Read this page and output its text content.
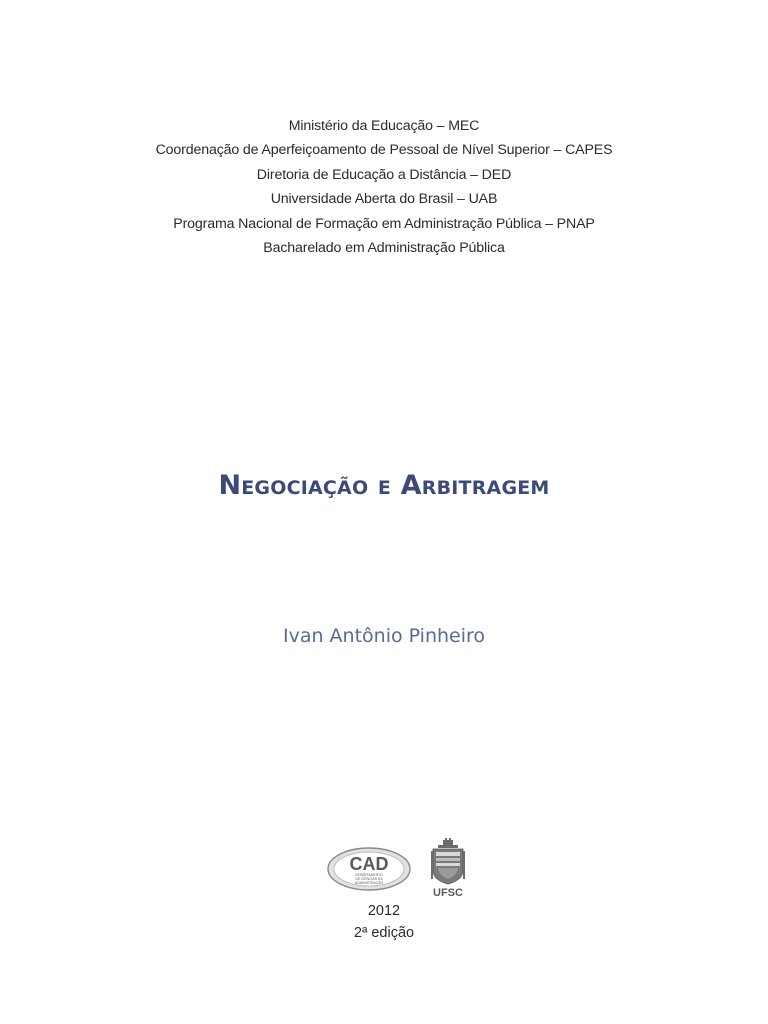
Ministério da Educação – MEC
Coordenação de Aperfeiçoamento de Pessoal de Nível Superior – CAPES
Diretoria de Educação a Distância – DED
Universidade Aberta do Brasil – UAB
Programa Nacional de Formação em Administração Pública – PNAP
Bacharelado em Administração Pública
Negociação e Arbitragem
Ivan Antônio Pinheiro
CAD
DEPARTAMENTO
DE CIÊNCIAS DA
ADMINISTRAÇÃO
UFSC
2012
2ª edição
